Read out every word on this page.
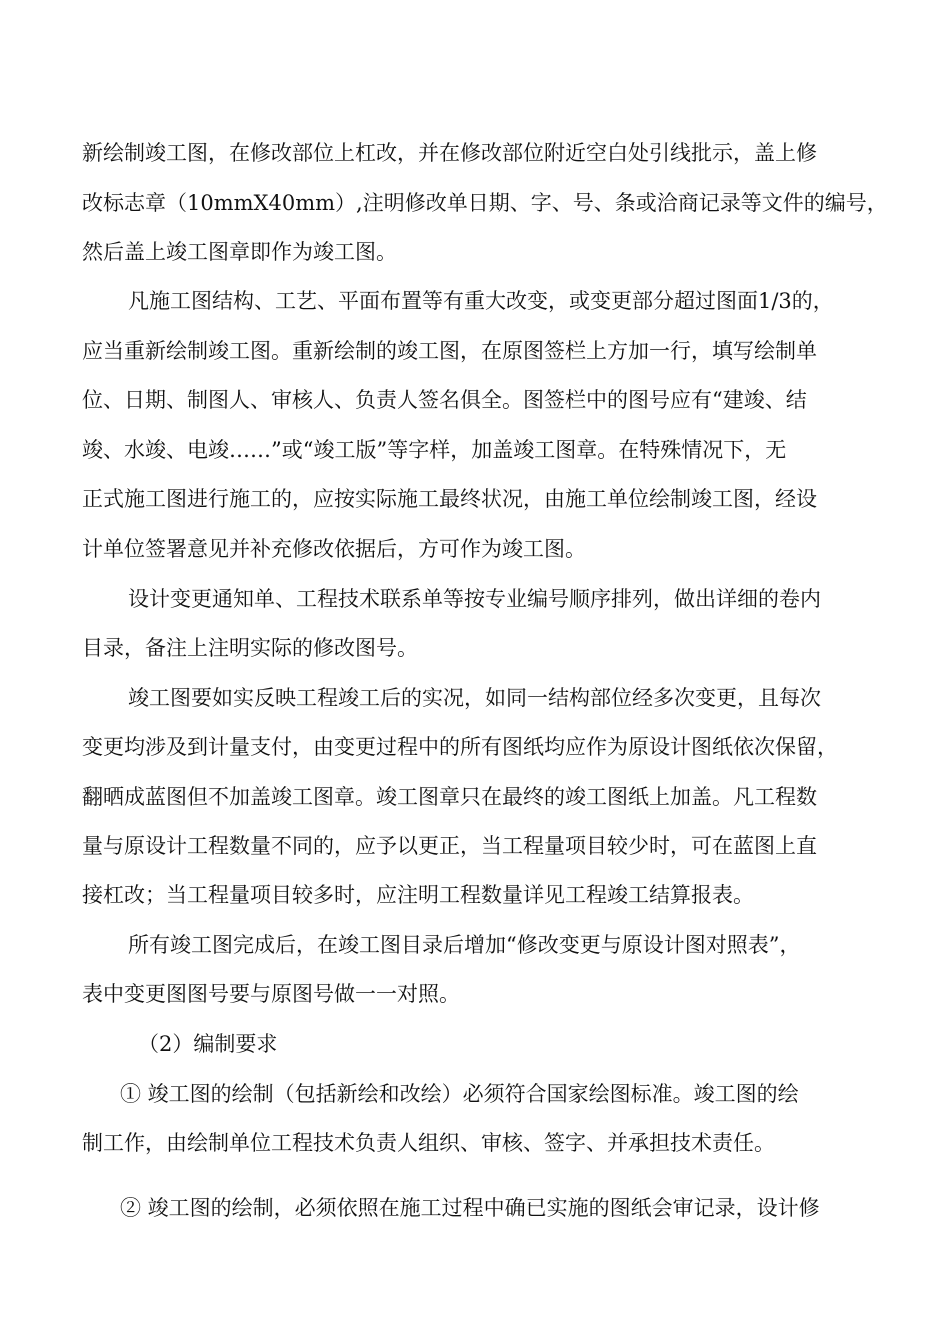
新绘制竣工图，在修改部位上杠改，并在修改部位附近空白处引线批示，盖上修
改标志章（10mmX40mm）,注明修改单日期、字、号、条或洽商记录等文件的编号，
然后盖上竣工图章即作为竣工图。
凡施工图结构、工艺、平面布置等有重大改变，或变更部分超过图面1/3的，
应当重新绘制竣工图。重新绘制的竣工图，在原图签栏上方加一行，填写绘制单
位、日期、制图人、审核人、负责人签名俱全。图签栏中的图号应有“建竣、结
竣、水竣、电竣……”或“竣工版”等字样，加盖竣工图章。在特殊情况下，无
正式施工图进行施工的，应按实际施工最终状况，由施工单位绘制竣工图，经设
计单位签署意见并补充修改依据后，方可作为竣工图。
设计变更通知单、工程技术联系单等按专业编号顺序排列，做出详细的卷内
目录，备注上注明实际的修改图号。
竣工图要如实反映工程竣工后的实况，如同一结构部位经多次变更，且每次
变更均涉及到计量支付，由变更过程中的所有图纸均应作为原设计图纸依次保留，
翻晒成蓝图但不加盖竣工图章。竣工图章只在最终的竣工图纸上加盖。凡工程数
量与原设计工程数量不同的，应予以更正，当工程量项目较少时，可在蓝图上直
接杠改；当工程量项目较多时，应注明工程数量详见工程竣工结算报表。
所有竣工图完成后，在竣工图目录后增加“修改变更与原设计图对照表”，
表中变更图图号要与原图号做一一对照。
（2）编制要求
① 竣工图的绘制（包括新绘和改绘）必须符合国家绘图标准。竣工图的绘
制工作，由绘制单位工程技术负责人组织、审核、签字、并承担技术责任。
② 竣工图的绘制，必须依照在施工过程中确已实施的图纸会审记录，设计修
